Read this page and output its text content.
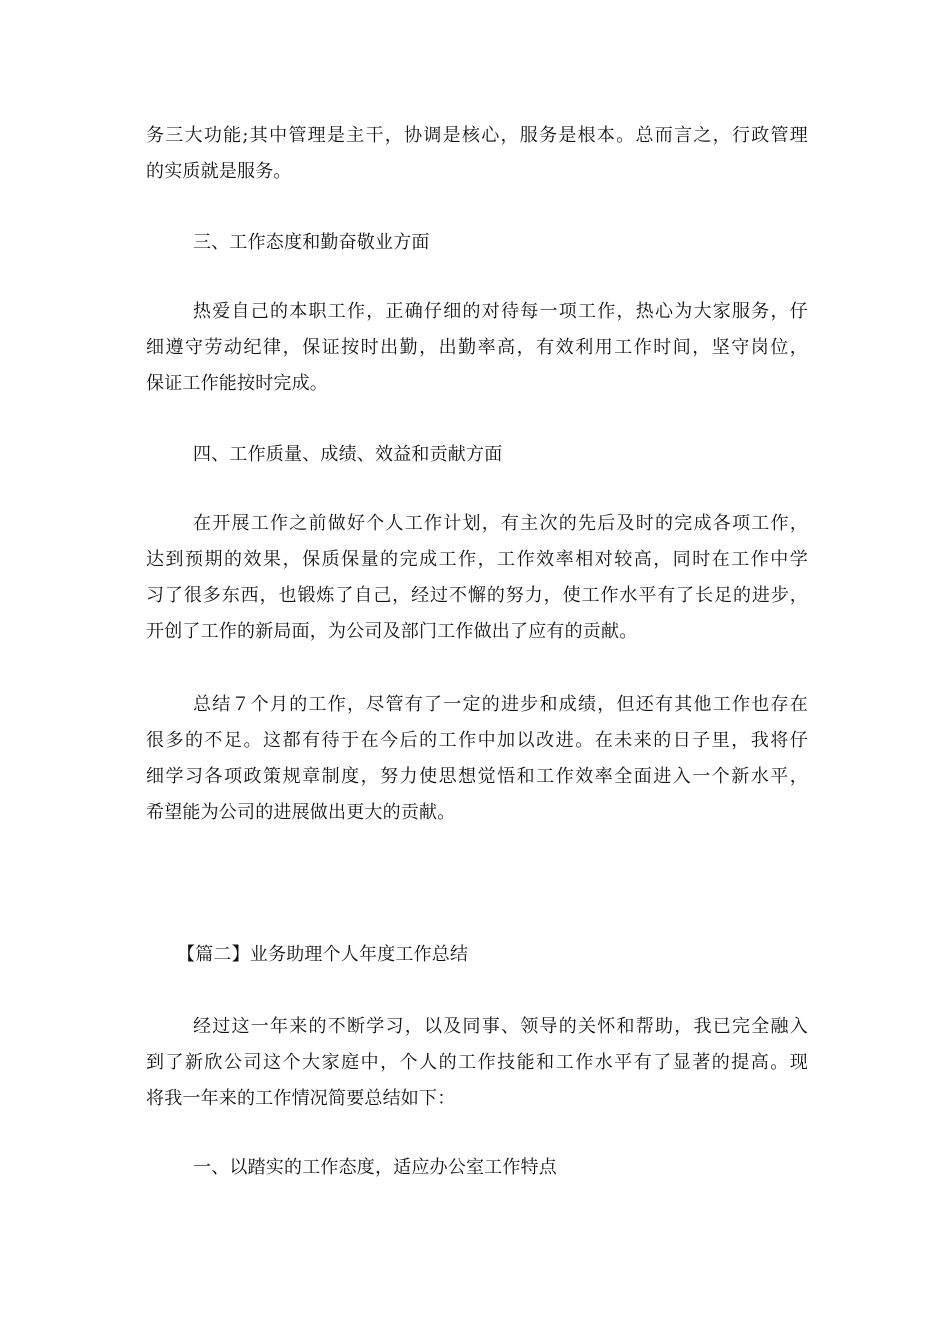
务三大功能;其中管理是主干，协调是核心，服务是根本。总而言之，行政管理
的实质就是服务。
三、工作态度和勤奋敬业方面
热爱自己的本职工作，正确仔细的对待每一项工作，热心为大家服务，仔
细遵守劳动纪律，保证按时出勤，出勤率高，有效利用工作时间，坚守岗位，
保证工作能按时完成。
四、工作质量、成绩、效益和贡献方面
在开展工作之前做好个人工作计划，有主次的先后及时的完成各项工作，
达到预期的效果，保质保量的完成工作，工作效率相对较高，同时在工作中学
习了很多东西，也锻炼了自己，经过不懈的努力，使工作水平有了长足的进步，
开创了工作的新局面，为公司及部门工作做出了应有的贡献。
总结７个月的工作，尽管有了一定的进步和成绩，但还有其他工作也存在
很多的不足。这都有待于在今后的工作中加以改进。在未来的日子里，我将仔
细学习各项政策规章制度，努力使思想觉悟和工作效率全面进入一个新水平，
希望能为公司的进展做出更大的贡献。
【篇二】业务助理个人年度工作总结
经过这一年来的不断学习，以及同事、领导的关怀和帮助，我已完全融入
到了新欣公司这个大家庭中，个人的工作技能和工作水平有了显著的提高。现
将我一年来的工作情况简要总结如下：
一、以踏实的工作态度，适应办公室工作特点
